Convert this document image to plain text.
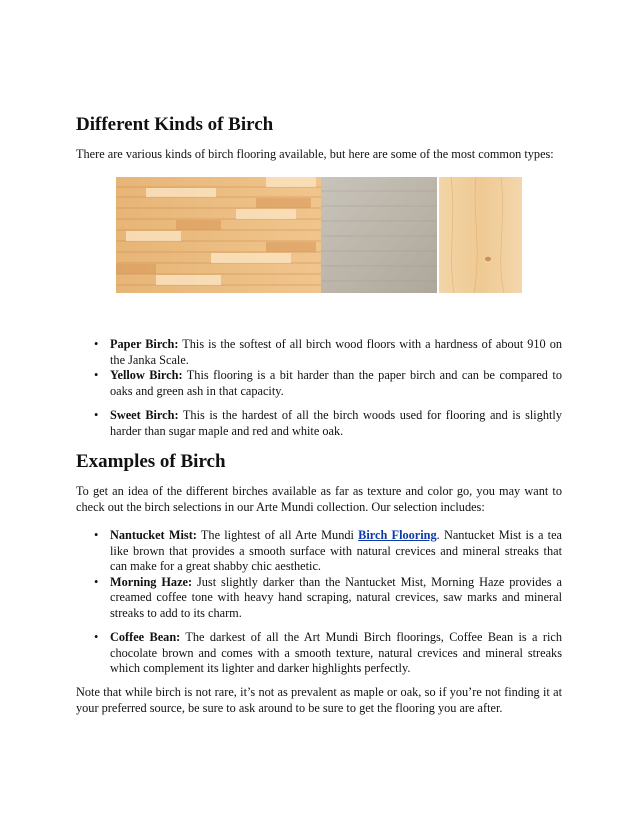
Different Kinds of Birch

There are various kinds of birch flooring available, but here are some of the most common types:

• Paper Birch: This is the softest of all birch wood floors with a hardness of about 910 on the Janka Scale.
• Yellow Birch: This flooring is a bit harder than the paper birch and can be compared to oaks and green ash in that capacity.
• Sweet Birch: This is the hardest of all the birch woods used for flooring and is slightly harder than sugar maple and red and white oak.
Examples of Birch

To get an idea of the different birches available as far as texture and color go, you may want to check out the birch selections in our Arte Mundi collection. Our selection includes:

• Nantucket Mist: The lightest of all Arte Mundi Birch Flooring. Nantucket Mist is a tea like brown that provides a smooth surface with natural crevices and mineral streaks that can make for a great shabby chic aesthetic.
• Morning Haze: Just slightly darker than the Nantucket Mist, Morning Haze provides a creamed coffee tone with heavy hand scraping, natural crevices, saw marks and mineral streaks to add to its charm.
• Coffee Bean: The darkest of all the Art Mundi Birch floorings, Coffee Bean is a rich chocolate brown and comes with a smooth texture, natural crevices and mineral streaks which complement its lighter and darker highlights perfectly.

Note that while birch is not rare, it’s not as prevalent as maple or oak, so if you’re not finding it at your preferred source, be sure to ask around to be sure to get the flooring you are after.
